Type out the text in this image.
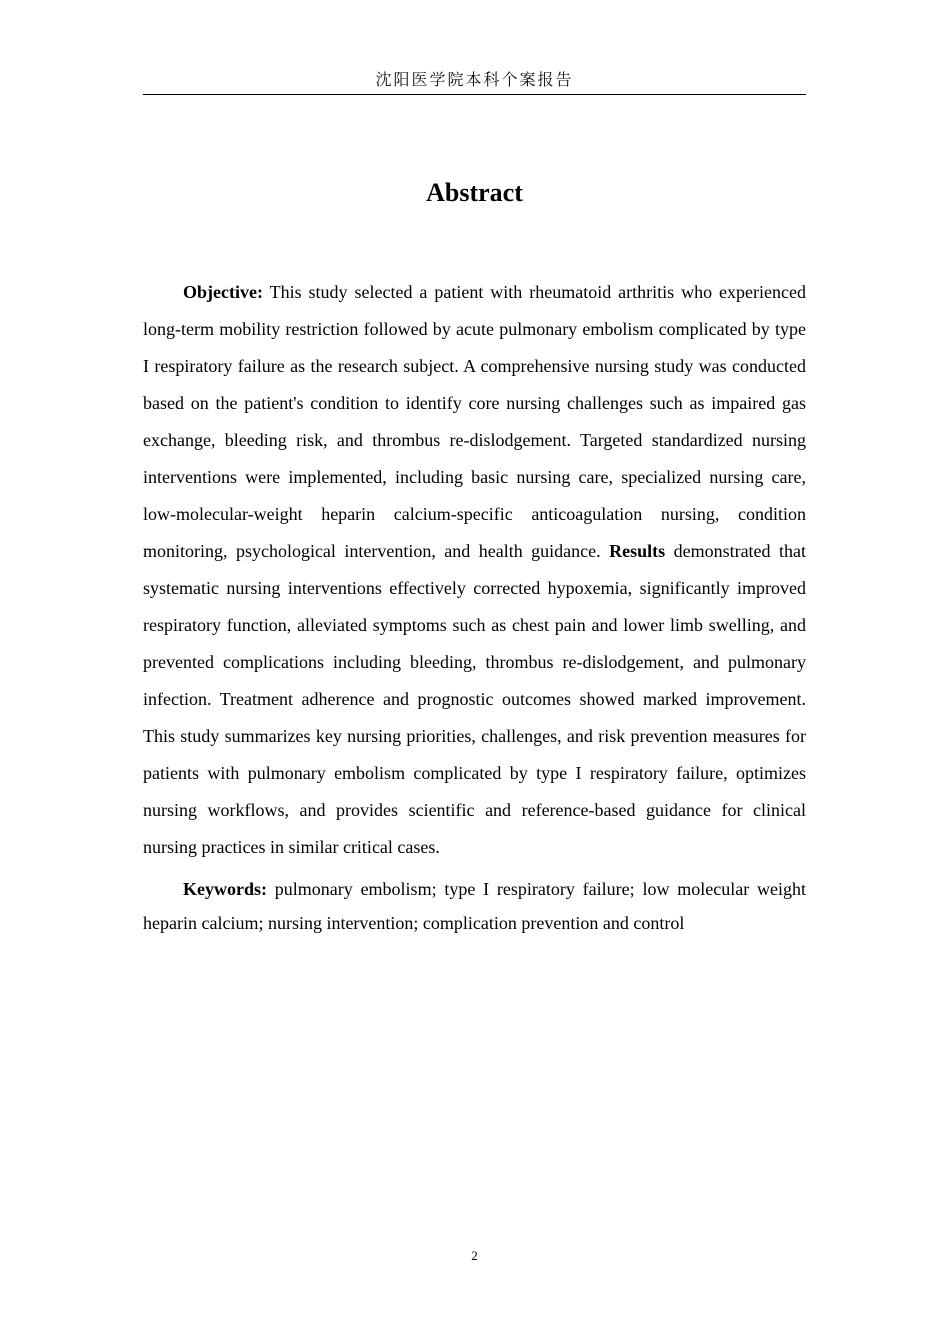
沈阳医学院本科个案报告
Abstract

Objective: This study selected a patient with rheumatoid arthritis who experienced long-term mobility restriction followed by acute pulmonary embolism complicated by type I respiratory failure as the research subject. A comprehensive nursing study was conducted based on the patient's condition to identify core nursing challenges such as impaired gas exchange, bleeding risk, and thrombus re-dislodgement. Targeted standardized nursing interventions were implemented, including basic nursing care, specialized nursing care, low-molecular-weight heparin calcium-specific anticoagulation nursing, condition monitoring, psychological intervention, and health guidance. Results demonstrated that systematic nursing interventions effectively corrected hypoxemia, significantly improved respiratory function, alleviated symptoms such as chest pain and lower limb swelling, and prevented complications including bleeding, thrombus re-dislodgement, and pulmonary infection. Treatment adherence and prognostic outcomes showed marked improvement. This study summarizes key nursing priorities, challenges, and risk prevention measures for patients with pulmonary embolism complicated by type I respiratory failure, optimizes nursing workflows, and provides scientific and reference-based guidance for clinical nursing practices in similar critical cases.

Keywords: pulmonary embolism; type I respiratory failure; low molecular weight heparin calcium; nursing intervention; complication prevention and control

2
